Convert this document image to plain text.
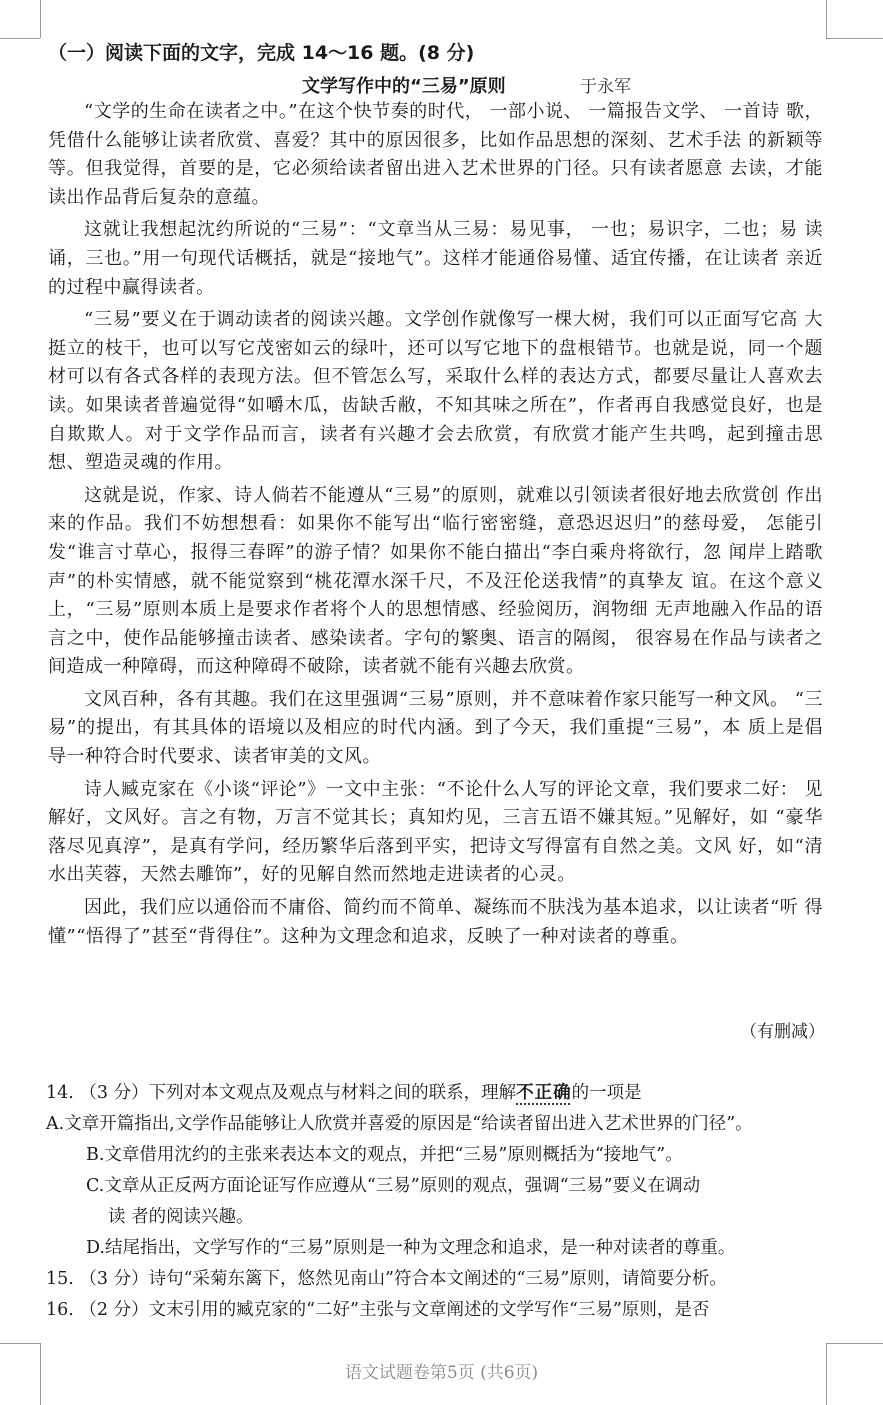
（一）阅读下面的文字，完成 14～16 题。(8 分)
文学写作中的“三易”原则	于永军

“文学的生命在读者之中。”在这个快节奏的时代， 一部小说、 一篇报告文学、 一首诗 歌，凭借什么能够让读者欣赏、喜爱？其中的原因很多，比如作品思想的深刻、艺术手法 的新颖等等。但我觉得，首要的是，它必须给读者留出进入艺术世界的门径。只有读者愿意 去读，才能读出作品背后复杂的意蕴。

这就让我想起沈约所说的“三易”：“文章当从三易：易见事， 一也；易识字，二也；易 读诵，三也。”用一句现代话概括，就是“接地气”。这样才能通俗易懂、适宜传播，在让读者 亲近的过程中赢得读者。

“三易”要义在于调动读者的阅读兴趣。文学创作就像写一棵大树，我们可以正面写它高 大挺立的枝干，也可以写它茂密如云的绿叶，还可以写它地下的盘根错节。也就是说，同一个题材可以有各式各样的表现方法。但不管怎么写，采取什么样的表达方式，都要尽量让人喜欢去读。如果读者普遍觉得“如嚼木瓜，齿缺舌敝，不知其味之所在”，作者再自我感觉良好，也是自欺欺人。对于文学作品而言，读者有兴趣才会去欣赏，有欣赏才能产生共鸣，起到撞击思想、塑造灵魂的作用。

这就是说，作家、诗人倘若不能遵从“三易”的原则，就难以引领读者很好地去欣赏创 作出来的作品。我们不妨想想看：如果你不能写出“临行密密缝，意恐迟迟归”的慈母爱， 怎能引发“谁言寸草心，报得三春晖”的游子情？如果你不能白描出“李白乘舟将欲行，忽 闻岸上踏歌声”的朴实情感，就不能觉察到“桃花潭水深千尺，不及汪伦送我情”的真挚友 谊。在这个意义上，“三易”原则本质上是要求作者将个人的思想情感、经验阅历，润物细 无声地融入作品的语言之中，使作品能够撞击读者、感染读者。字句的繁奥、语言的隔阂， 很容易在作品与读者之间造成一种障碍，而这种障碍不破除，读者就不能有兴趣去欣赏。

文风百种，各有其趣。我们在这里强调“三易”原则，并不意味着作家只能写一种文风。 “三易”的提出，有其具体的语境以及相应的时代内涵。到了今天，我们重提“三易”，本 质上是倡导一种符合时代要求、读者审美的文风。

诗人臧克家在《小谈“评论”》一文中主张：“不论什么人写的评论文章，我们要求二好： 见解好，文风好。言之有物，万言不觉其长；真知灼见，三言五语不嫌其短。”见解好，如 “豪华落尽见真淳”，是真有学问，经历繁华后落到平实，把诗文写得富有自然之美。文风 好，如“清水出芙蓉，天然去雕饰”，好的见解自然而然地走进读者的心灵。

因此，我们应以通俗而不庸俗、简约而不简单、凝练而不肤浅为基本追求，以让读者“听 得懂”“悟得了”甚至“背得住”。这种为文理念和追求，反映了一种对读者的尊重。

（有删减）
14. （3 分）下列对本文观点及观点与材料之间的联系，理解不正确的一项是
A.文章开篇指出,文学作品能够让人欣赏并喜爱的原因是“给读者留出进入艺术世界的门径”。
B.文章借用沈约的主张来表达本文的观点，并把“三易”原则概括为“接地气”。
C.文章从正反两方面论证写作应遵从“三易”原则的观点，强调“三易”要义在调动
读 者的阅读兴趣。
D.结尾指出，文学写作的“三易”原则是一种为文理念和追求，是一种对读者的尊重。
15. （3 分）诗句“采菊东篱下，悠然见南山”符合本文阐述的“三易”原则，请简要分析。
16. （2 分）文末引用的臧克家的“二好”主张与文章阐述的文学写作“三易”原则，是否
语文试题卷第5页 (共6页)
